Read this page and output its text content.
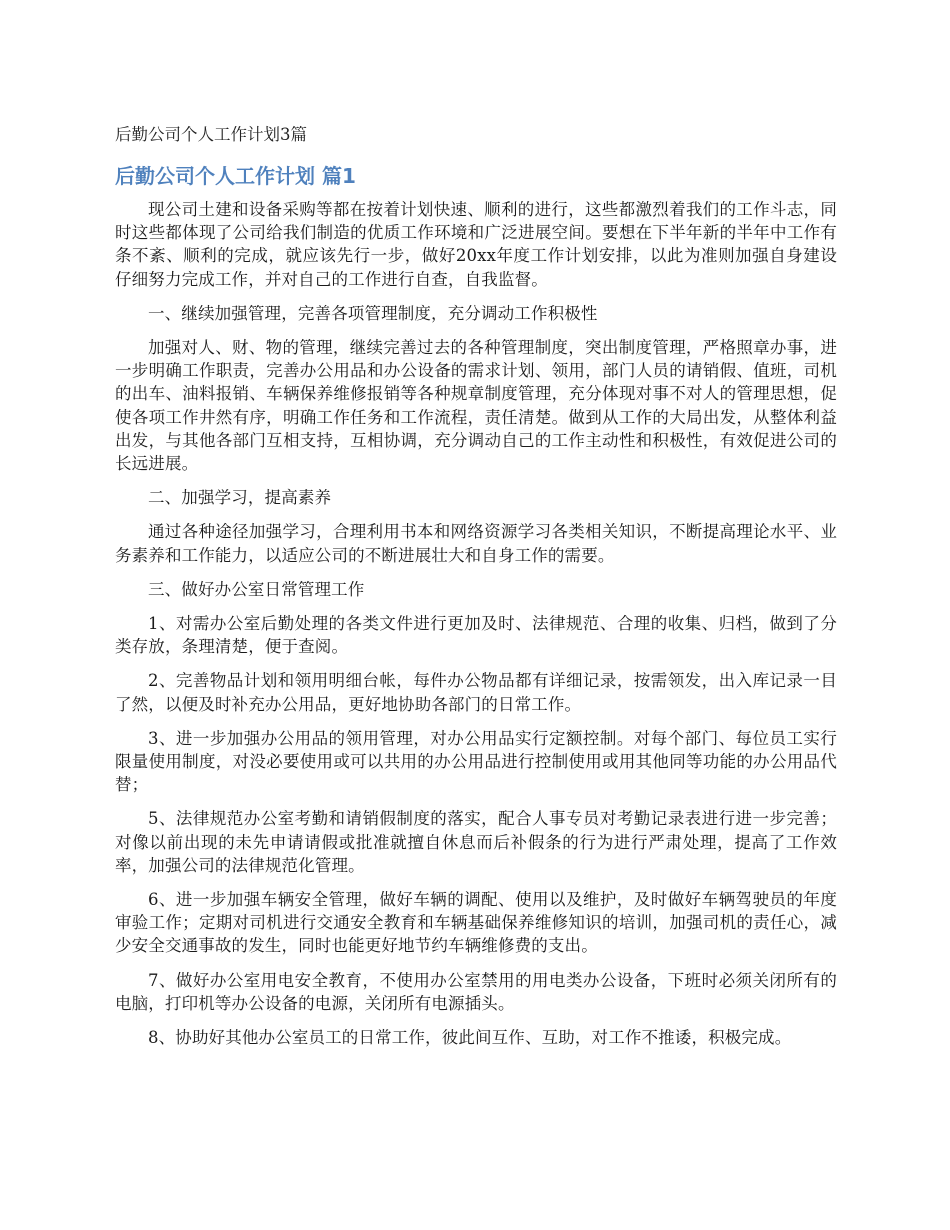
后勤公司个人工作计划3篇

后勤公司个人工作计划 篇1

现公司土建和设备采购等都在按着计划快速、顺利的进行，这些都激烈着我们的工作斗志，同时这些都体现了公司给我们制造的优质工作环境和广泛进展空间。要想在下半年新的半年中工作有条不紊、顺利的完成，就应该先行一步，做好20xx年度工作计划安排，以此为准则加强自身建设仔细努力完成工作，并对自己的工作进行自查，自我监督。

一、继续加强管理，完善各项管理制度，充分调动工作积极性

加强对人、财、物的管理，继续完善过去的各种管理制度，突出制度管理，严格照章办事，进一步明确工作职责，完善办公用品和办公设备的需求计划、领用，部门人员的请销假、值班，司机的出车、油料报销、车辆保养维修报销等各种规章制度管理，充分体现对事不对人的管理思想，促使各项工作井然有序，明确工作任务和工作流程，责任清楚。做到从工作的大局出发，从整体利益出发，与其他各部门互相支持，互相协调，充分调动自己的工作主动性和积极性，有效促进公司的长远进展。

二、加强学习，提高素养

通过各种途径加强学习，合理利用书本和网络资源学习各类相关知识，不断提高理论水平、业务素养和工作能力，以适应公司的不断进展壮大和自身工作的需要。

三、做好办公室日常管理工作

1、对需办公室后勤处理的各类文件进行更加及时、法律规范、合理的收集、归档，做到了分类存放，条理清楚，便于查阅。

2、完善物品计划和领用明细台帐，每件办公物品都有详细记录，按需领发，出入库记录一目了然，以便及时补充办公用品，更好地协助各部门的日常工作。

3、进一步加强办公用品的领用管理，对办公用品实行定额控制。对每个部门、每位员工实行限量使用制度，对没必要使用或可以共用的办公用品进行控制使用或用其他同等功能的办公用品代替；

5、法律规范办公室考勤和请销假制度的落实，配合人事专员对考勤记录表进行进一步完善；对像以前出现的未先申请请假或批准就擅自休息而后补假条的行为进行严肃处理，提高了工作效率，加强公司的法律规范化管理。

6、进一步加强车辆安全管理，做好车辆的调配、使用以及维护，及时做好车辆驾驶员的年度审验工作；定期对司机进行交通安全教育和车辆基础保养维修知识的培训，加强司机的责任心，减少安全交通事故的发生，同时也能更好地节约车辆维修费的支出。

7、做好办公室用电安全教育，不使用办公室禁用的用电类办公设备，下班时必须关闭所有的电脑，打印机等办公设备的电源，关闭所有电源插头。

8、协助好其他办公室员工的日常工作，彼此间互作、互助，对工作不推诿，积极完成。
